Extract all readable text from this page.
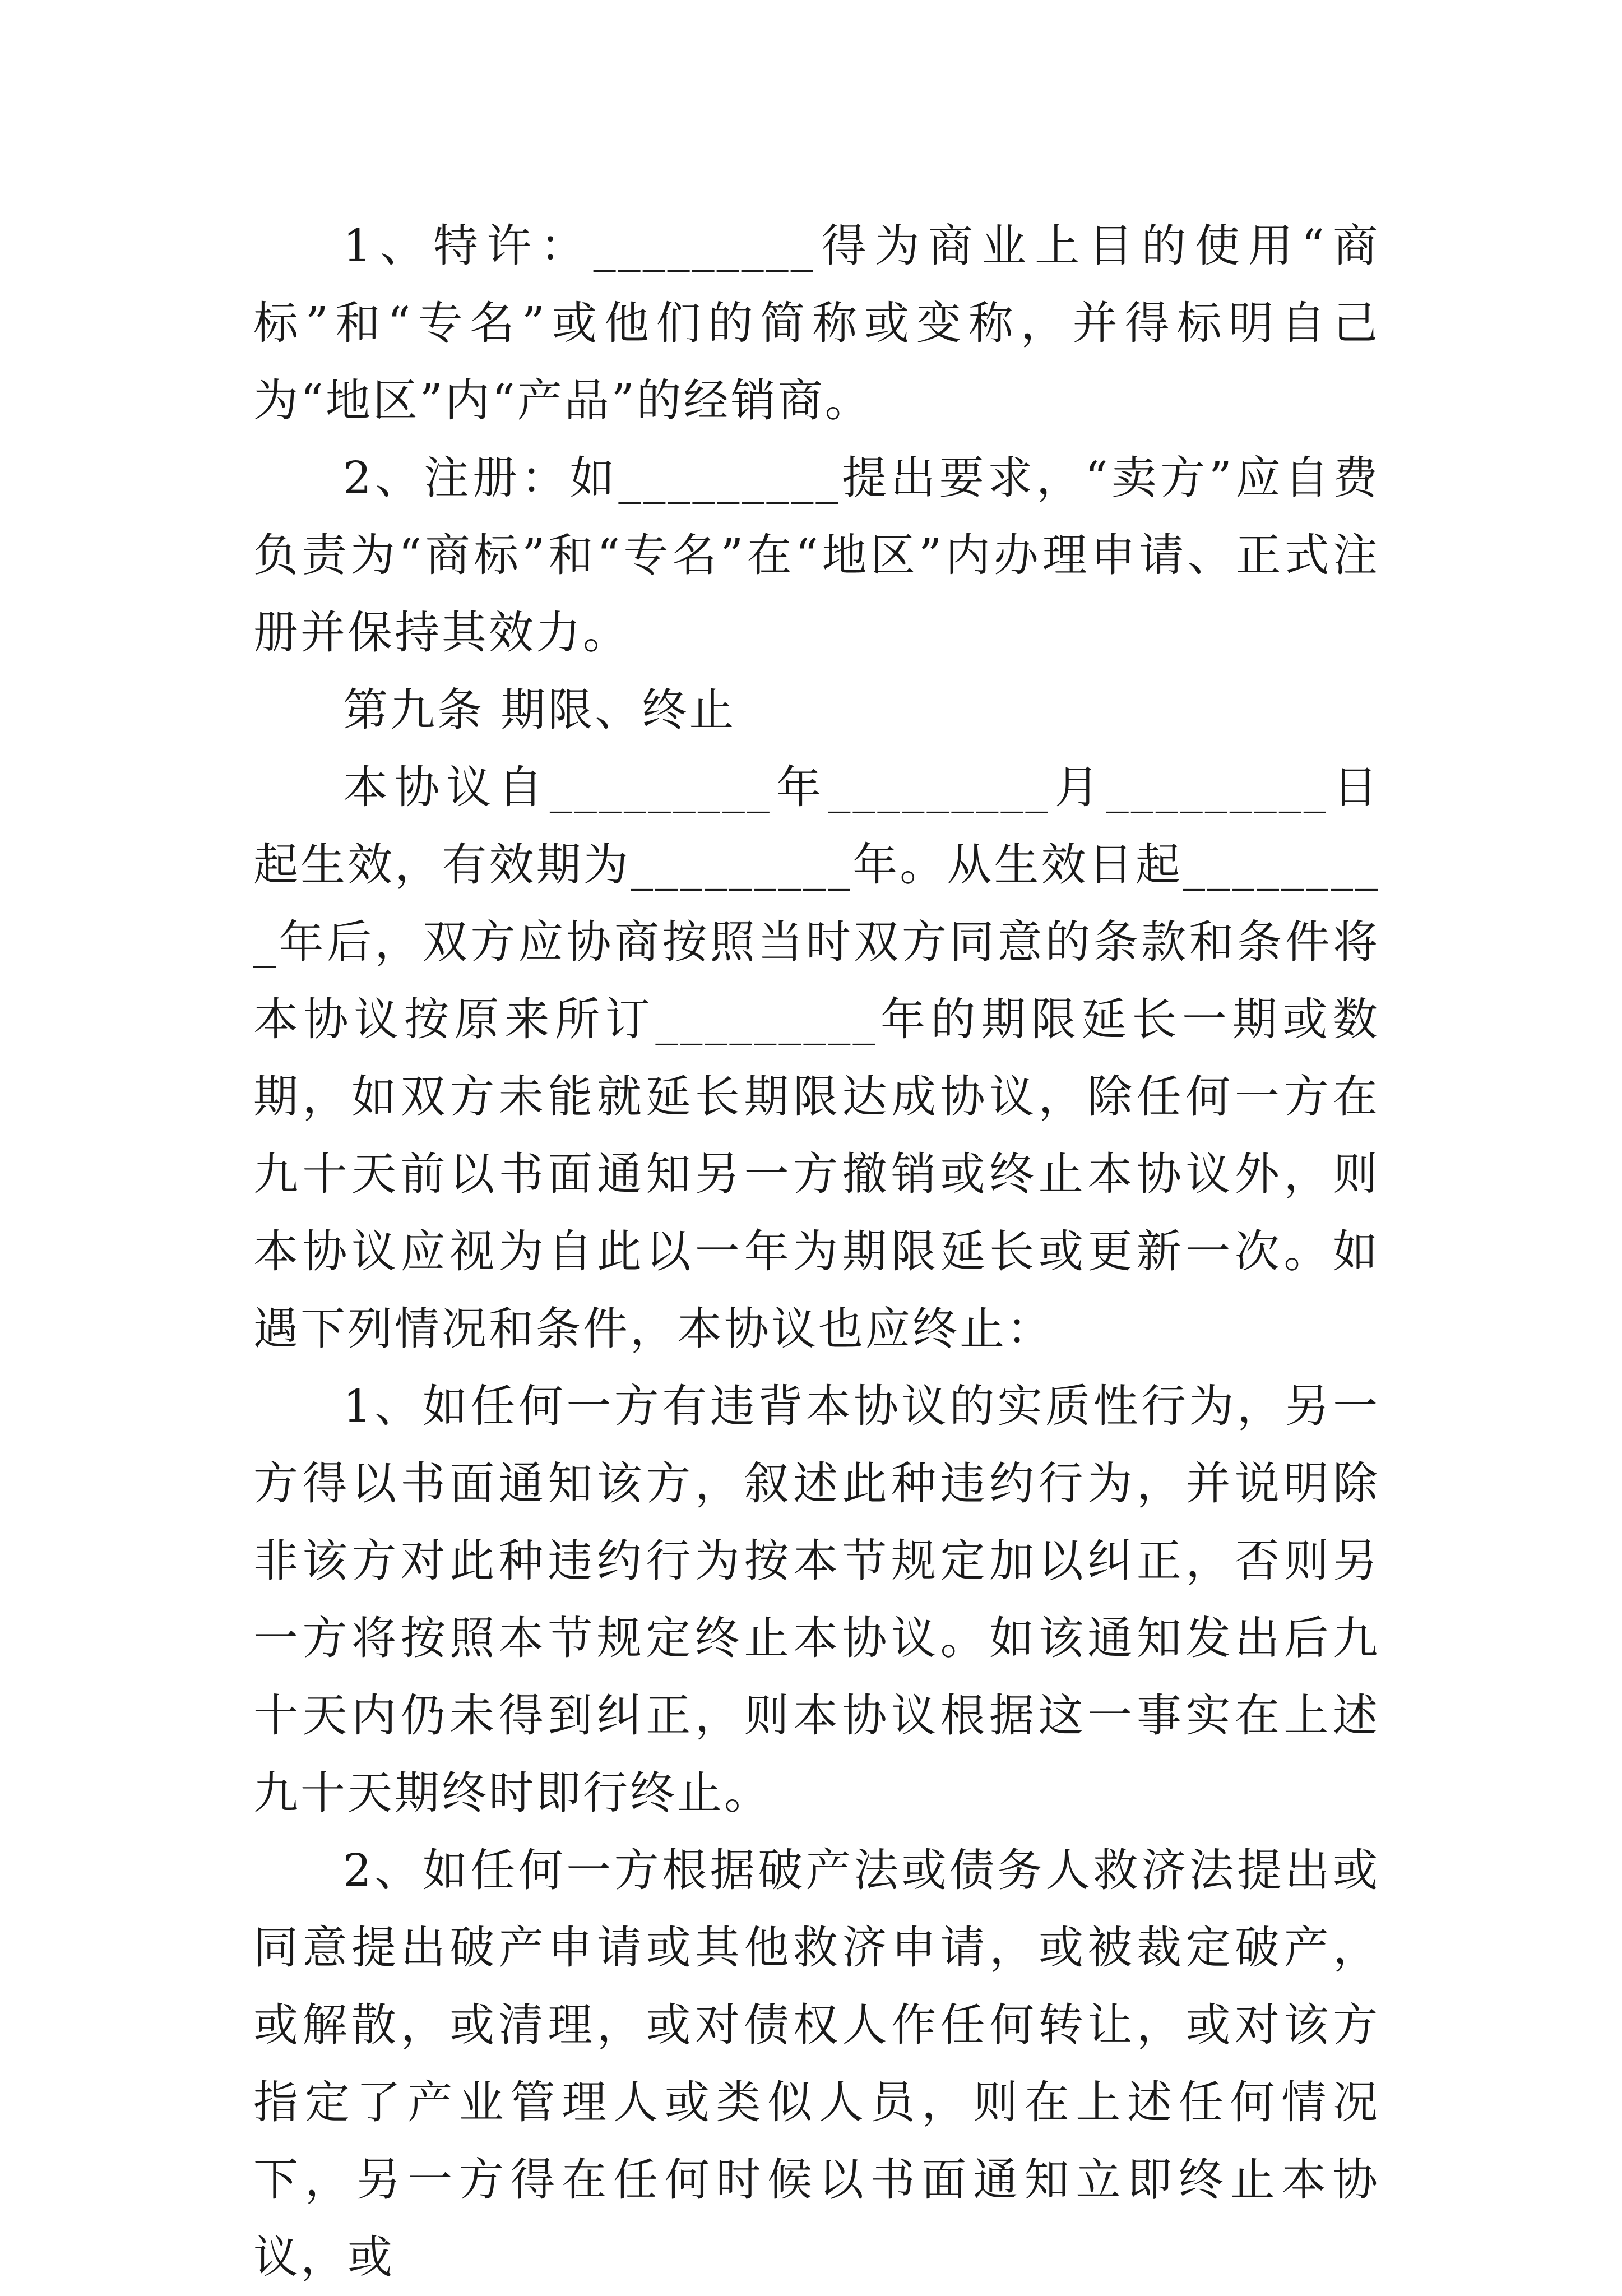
1、特许：_________得为商业上目的使用“商标”和“专名”或他们的简称或变称，并得标明自己为“地区”内“产品”的经销商。

2、注册：如_________提出要求，“卖方”应自费负责为“商标”和“专名”在“地区”内办理申请、正式注册并保持其效力。

第九条 期限、终止

本协议自_________年_________月_________日起生效，有效期为_________年。从生效日起_________年后，双方应协商按照当时双方同意的条款和条件将本协议按原来所订_________年的期限延长一期或数期，如双方未能就延长期限达成协议，除任何一方在九十天前以书面通知另一方撤销或终止本协议外，则本协议应视为自此以一年为期限延长或更新一次。如遇下列情况和条件，本协议也应终止：

1、如任何一方有违背本协议的实质性行为，另一方得以书面通知该方，叙述此种违约行为，并说明除非该方对此种违约行为按本节规定加以纠正，否则另一方将按照本节规定终止本协议。如该通知发出后九十天内仍未得到纠正，则本协议根据这一事实在上述九十天期终时即行终止。

2、如任何一方根据破产法或债务人救济法提出或同意提出破产申请或其他救济申请，或被裁定破产，或解散，或清理，或对债权人作任何转让，或对该方指定了产业管理人或类似人员，则在上述任何情况下，另一方得在任何时候以书面通知立即终止本协议，或
